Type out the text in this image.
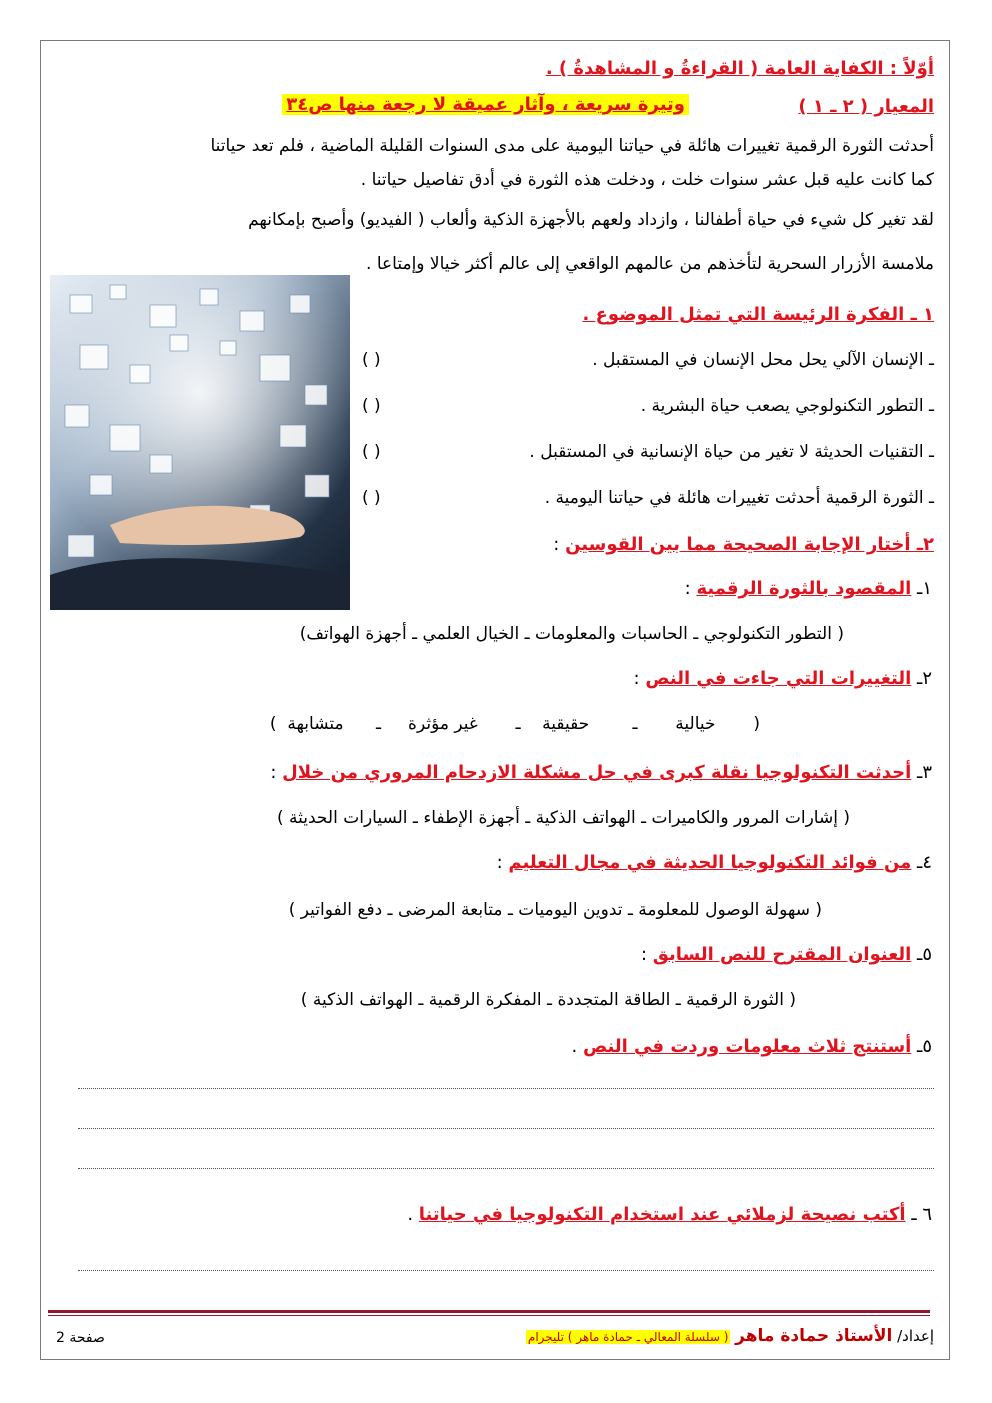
أوّلاً : الكفاية العامة ( القراءةُ و المشاهدةُ ) .
المعيار ( ٢ ـ ١ )
وتيرة سريعة ، وآثار عميقة لا رجعة منها ص٣٤
أحدثت الثورة الرقمية تغييرات هائلة في حياتنا اليومية على مدى السنوات القليلة الماضية ، فلم تعد حياتنا
كما كانت عليه قبل عشر سنوات خلت ، ودخلت هذه الثورة في أدق تفاصيل حياتنا .
لقد تغير كل شيء في حياة أطفالنا ، وازداد ولعهم بالأجهزة الذكية وألعاب ( الفيديو) وأصبح بإمكانهم
ملامسة الأزرار السحرية لتأخذهم من عالمهم الواقعي إلى عالم أكثر خيالا وإمتاعا .
١ ـ الفكرة الرئيسة التي تمثل الموضوع .
ـ الإنسان الآلي يحل محل الإنسان في المستقبل .
( )
ـ التطور التكنولوجي يصعب حياة البشرية .
( )
ـ التقنيات الحديثة لا تغير من حياة الإنسانية في المستقبل .
( )
ـ الثورة الرقمية أحدثت تغييرات هائلة في حياتنا اليومية .
( )
٢ـ أختار الإجابة الصحيحة مما بين القوسين :
١ـ المقصود بالثورة الرقمية :
( التطور التكنولوجي ـ الحاسبات والمعلومات ـ الخيال العلمي ـ أجهزة الهواتف)
٢ـ التغييرات التي جاءت في النص :
(       خيالية       ـ        حقيقية    ـ       غير مؤثرة     ـ      متشابهة  )
٣ـ أحدثت التكنولوجيا نقلة كبرى في حل مشكلة الازدحام المروري من خلال :
( إشارات المرور والكاميرات ـ الهواتف الذكية ـ أجهزة الإطفاء ـ السيارات الحديثة )
٤ـ من فوائد التكنولوجيا الحديثة في مجال التعليم :
( سهولة الوصول للمعلومة ـ تدوين اليوميات ـ متابعة المرضى ـ دفع الفواتير )
٥ـ العنوان المقترح للنص السابق :
( الثورة الرقمية ـ الطاقة المتجددة ـ المفكرة الرقمية ـ الهواتف الذكية )
٥ـ أستنتج ثلاث معلومات وردت في النص .
٦ ـ أكتب نصيحة لزملائي عند استخدام التكنولوجيا في حياتنا .
إعداد/ الأستاذ حمادة ماهر ( سلسلة المعالي ـ حمادة ماهر ) تليجرام
صفحة 2
